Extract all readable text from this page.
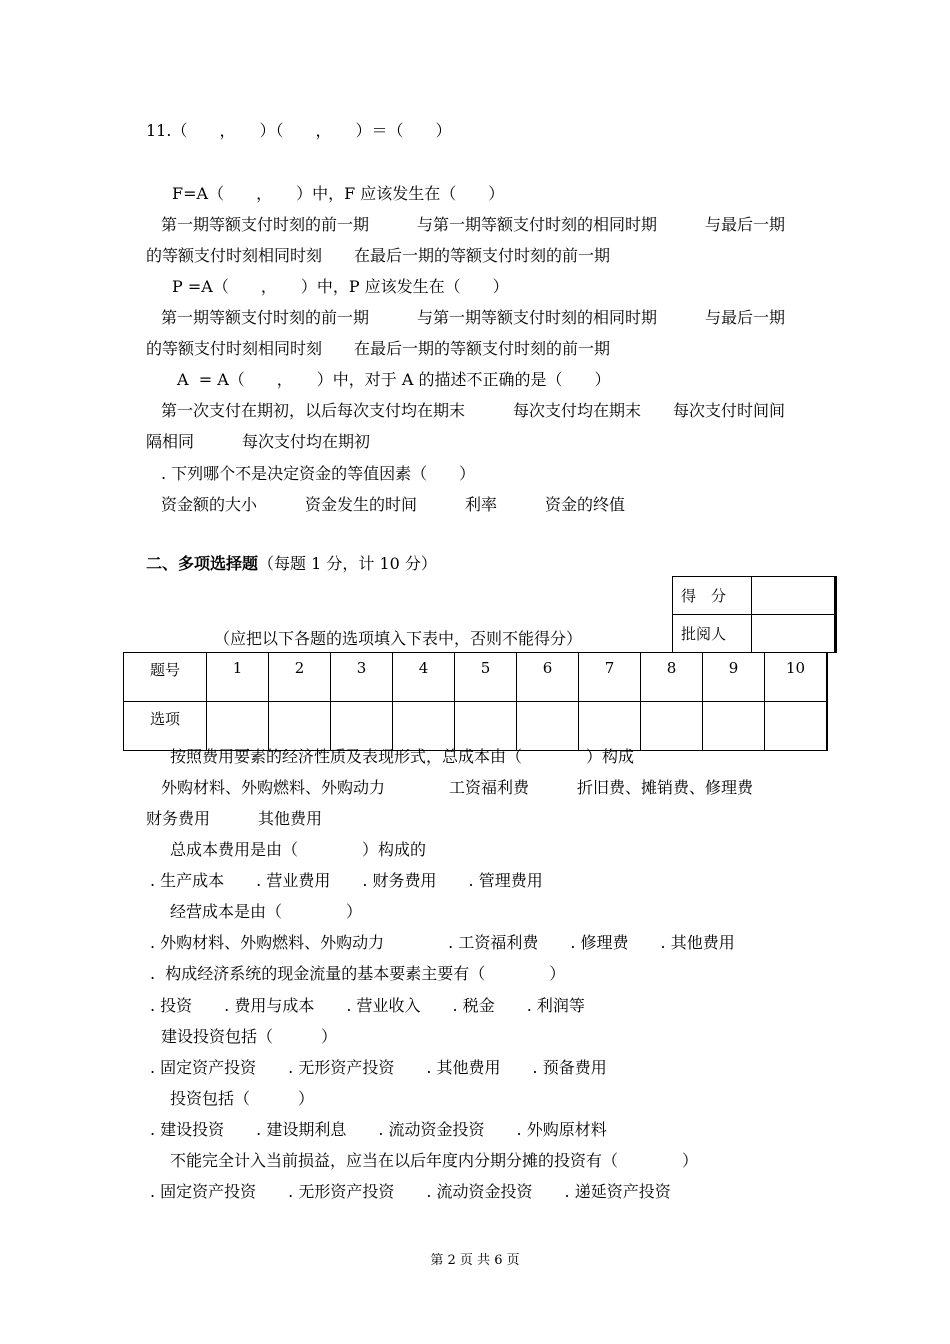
11.（　　，　　）（　　，　　）＝（　　）
F=A（　　，　　）中，F 应该发生在（　　）
第一期等额支付时刻的前一期　　　与第一期等额支付时刻的相同时期　　　与最后一期
的等额支付时刻相同时刻　　在最后一期的等额支付时刻的前一期
P =A（　　，　　）中，P 应该发生在（　　）
第一期等额支付时刻的前一期　　　与第一期等额支付时刻的相同时期　　　与最后一期
的等额支付时刻相同时刻　　在最后一期的等额支付时刻的前一期
A  = A（　　，　　）中，对于 A 的描述不正确的是（　　）
第一次支付在期初，以后每次支付均在期末　　　每次支付均在期末　　每次支付时间间
隔相同　　　每次支付均在期初
. 下列哪个不是决定资金的等值因素（　　）
资金额的大小　　　资金发生的时间　　　利率　　　资金的终值
二、多项选择题（每题 1 分，计 10 分）
得　分	
批阅人	
（应把以下各题的选项填入下表中，否则不能得分）
题号	1	2	3	4	5	6	7	8	9	10
选项										
按照费用要素的经济性质及表现形式，总成本由（　　　　）构成
外购材料、外购燃料、外购动力　　　　工资福利费　　　折旧费、摊销费、修理费
财务费用　　　其他费用
总成本费用是由（　　　　）构成的
. 生产成本　　. 营业费用　　. 财务费用　　. 管理费用
经营成本是由（　　　　）
. 外购材料、外购燃料、外购动力　　　　. 工资福利费　　. 修理费　　. 其他费用
.  构成经济系统的现金流量的基本要素主要有（　　　　）
. 投资　　. 费用与成本　　. 营业收入　　. 税金　　. 利润等
建设投资包括（　　　）
. 固定资产投资　　. 无形资产投资　　. 其他费用　　. 预备费用
投资包括（　　　）
. 建设投资　　. 建设期利息　　. 流动资金投资　　. 外购原材料
不能完全计入当前损益，应当在以后年度内分期分摊的投资有（　　　　）
. 固定资产投资　　. 无形资产投资　　. 流动资金投资　　. 递延资产投资
第 2 页 共 6 页
